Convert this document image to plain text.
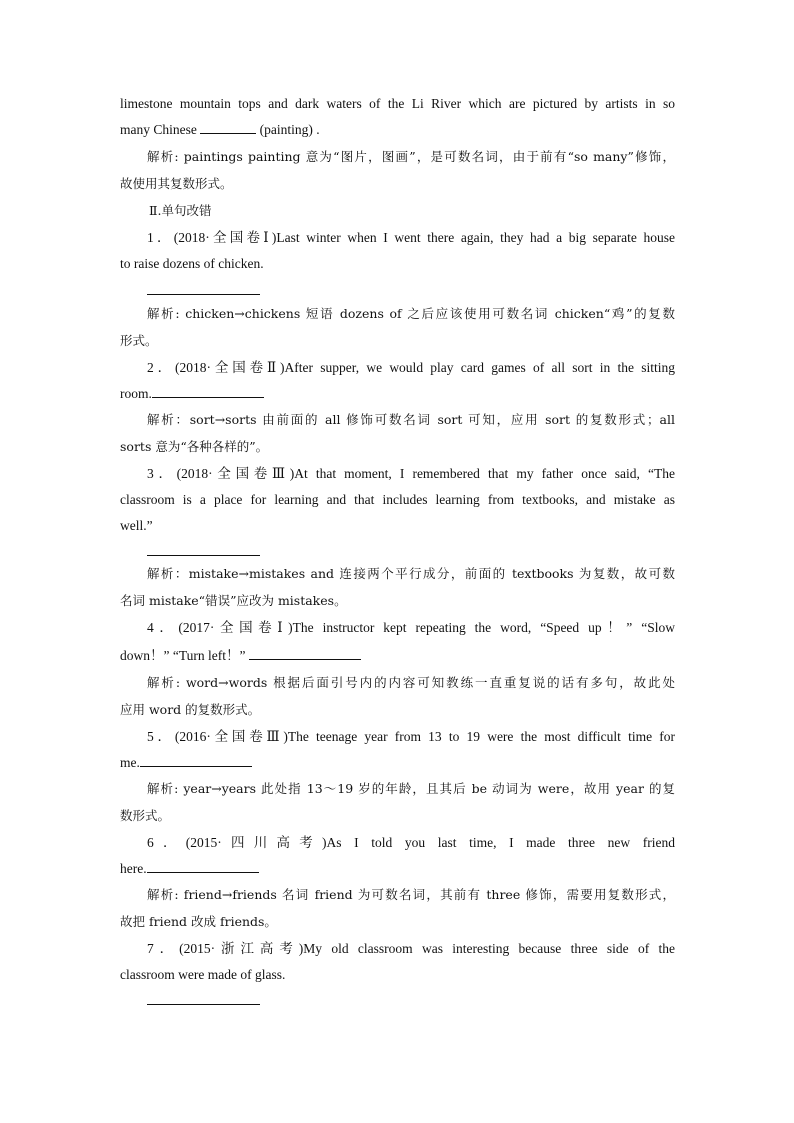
limestone mountain tops and dark waters of the Li River which are pictured by artists in so
many Chinese	(painting) .
解析: paintings painting 意为“图片，图画”，是可数名词，由于前有“so many”修饰，
故使用其复数形式。
Ⅱ.单句改错
1．(2018·全国卷Ⅰ)Last winter when I went there again, they had a big separate house
to raise dozens of chicken.
解析: chicken→chickens 短语 dozens of 之后应该使用可数名词 chicken“鸡”的复数
形式。
2．(2018·全国卷Ⅱ)After supper, we would play card games of all sort in the sitting
room.
解析：sort→sorts 由前面的 all 修饰可数名词 sort 可知，应用 sort 的复数形式；all
sorts 意为“各种各样的”。
3．(2018·全国卷Ⅲ)At that moment, I remembered that my father once said, “The
classroom is a place for learning and that includes learning from textbooks, and mistake as
well.”
解析：mistake→mistakes and 连接两个平行成分，前面的 textbooks 为复数，故可数
名词 mistake“错误”应改为 mistakes。
4．(2017·全国卷Ⅰ)The instructor kept repeating the word, “Speed up！” “Slow
down！” “Turn left！”
解析: word→words 根据后面引号内的内容可知教练一直重复说的话有多句，故此处
应用 word 的复数形式。
5．(2016·全国卷Ⅲ)The teenage year from 13 to 19 were the most difficult time for
me.
解析: year→years 此处指 13～19 岁的年龄，且其后 be 动词为 were，故用 year 的复
数形式。
6．(2015·四川高考)As I told you last time, I made three new friend
here.
解析: friend→friends 名词 friend 为可数名词，其前有 three 修饰，需要用复数形式，
故把 friend 改成 friends。
7．(2015·浙江高考)My old classroom was interesting because three side of the
classroom were made of glass.
